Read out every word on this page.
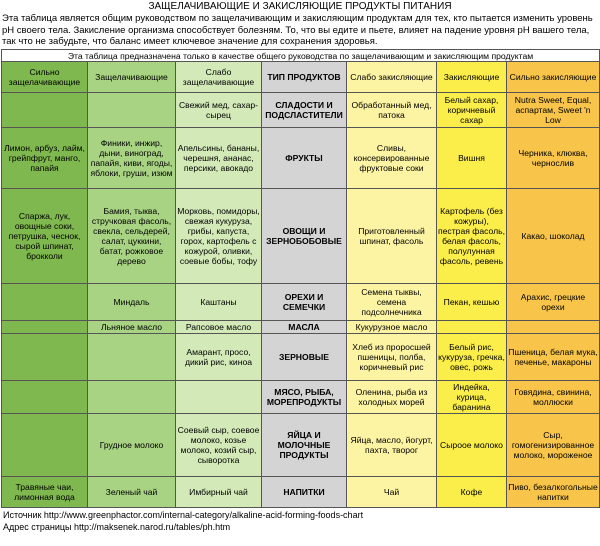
ЗАЩЕЛАЧИВАЮЩИЕ И ЗАКИСЛЯЮЩИЕ ПРОДУКТЫ ПИТАНИЯ
Эта таблица является общим руководством по защелачивающим и закисляющим продуктам для тех, кто пытается изменить уровень
pH своего тела. Закисление организма способствует болезням. То, что вы едите и пьете, влияет на падение уровня pH вашего тела,
так что не забудьте, что баланс имеет ключевое значение для сохранения здоровья.
Эта таблица предназначена только в качестве общего руководства по защелачивающим и закисляющим продуктам						
Сильно защелачивающие	Защелачивающие	Слабо защелачивающие	ТИП ПРОДУКТОВ	Слабо закисляющие	Закисляющие	Сильно закисляющие
		Свежий мед, сахар-сырец	СЛАДОСТИ И ПОДСЛАСТИТЕЛИ	Обработанный мед, патока	Белый сахар, коричневый сахар	Nutra Sweet, Equal, аспартам, Sweet 'n Low
Лимон, арбуз, лайм, грейпфрут, манго, папайя	Финики, инжир, дыни, виноград, папайя, киви, ягоды, яблоки, груши, изюм	Апельсины, бананы, черешня, ананас, персики, авокадо	ФРУКТЫ	Сливы, консервированные фруктовые соки	Вишня	Черника, клюква, чернослив
Спаржа, лук, овощные соки, петрушка, чеснок, сырой шпинат, брокколи	Бамия, тыква, стручковая фасоль, свекла, сельдерей, салат, цуккини, батат, рожковое дерево	Морковь, помидоры, свежая кукуруза, грибы, капуста, горох, картофель с кожурой, оливки, соевые бобы, тофу	ОВОЩИ И ЗЕРНОБОБОВЫЕ	Приготовленный шпинат, фасоль	Картофель (без кожуры), пестрая фасоль, белая фасоль, полулунная фасоль, ревень	Какао, шоколад
	Миндаль	Каштаны	ОРЕХИ И СЕМЕЧКИ	Семена тыквы, семена подсолнечника	Пекан, кешью	Арахис, грецкие орехи
	Льняное масло	Рапсовое масло	МАСЛА	Кукурузное масло		
		Амарант, просо, дикий рис, киноа	ЗЕРНОВЫЕ	Хлеб из проросшей пшеницы, полба, коричневый рис	Белый рис, кукуруза, гречка, овес, рожь	Пшеница, белая мука, печенье, макароны
			МЯСО, РЫБА, МОРЕПРОДУКТЫ	Оленина, рыба из холодных морей	Индейка, курица, баранина	Говядина, свинина, моллюски
	Грудное молоко	Соевый сыр, соевое молоко, козье молоко, козий сыр, сыворотка	ЯЙЦА И МОЛОЧНЫЕ ПРОДУКТЫ	Яйца, масло, йогурт, пахта, творог	Сыроое молоко	Сыр, гомогенизированное молоко, мороженое
Травяные чаи, лимонная вода	Зеленый чай	Имбирный чай	НАПИТКИ	Чай	Кофе	Пиво, безалкогольные напитки
Источник http://www.greenphactor.com/internal-category/alkaline-acid-forming-foods-chart
Адрес страницы http://maksenek.narod.ru/tables/ph.htm
